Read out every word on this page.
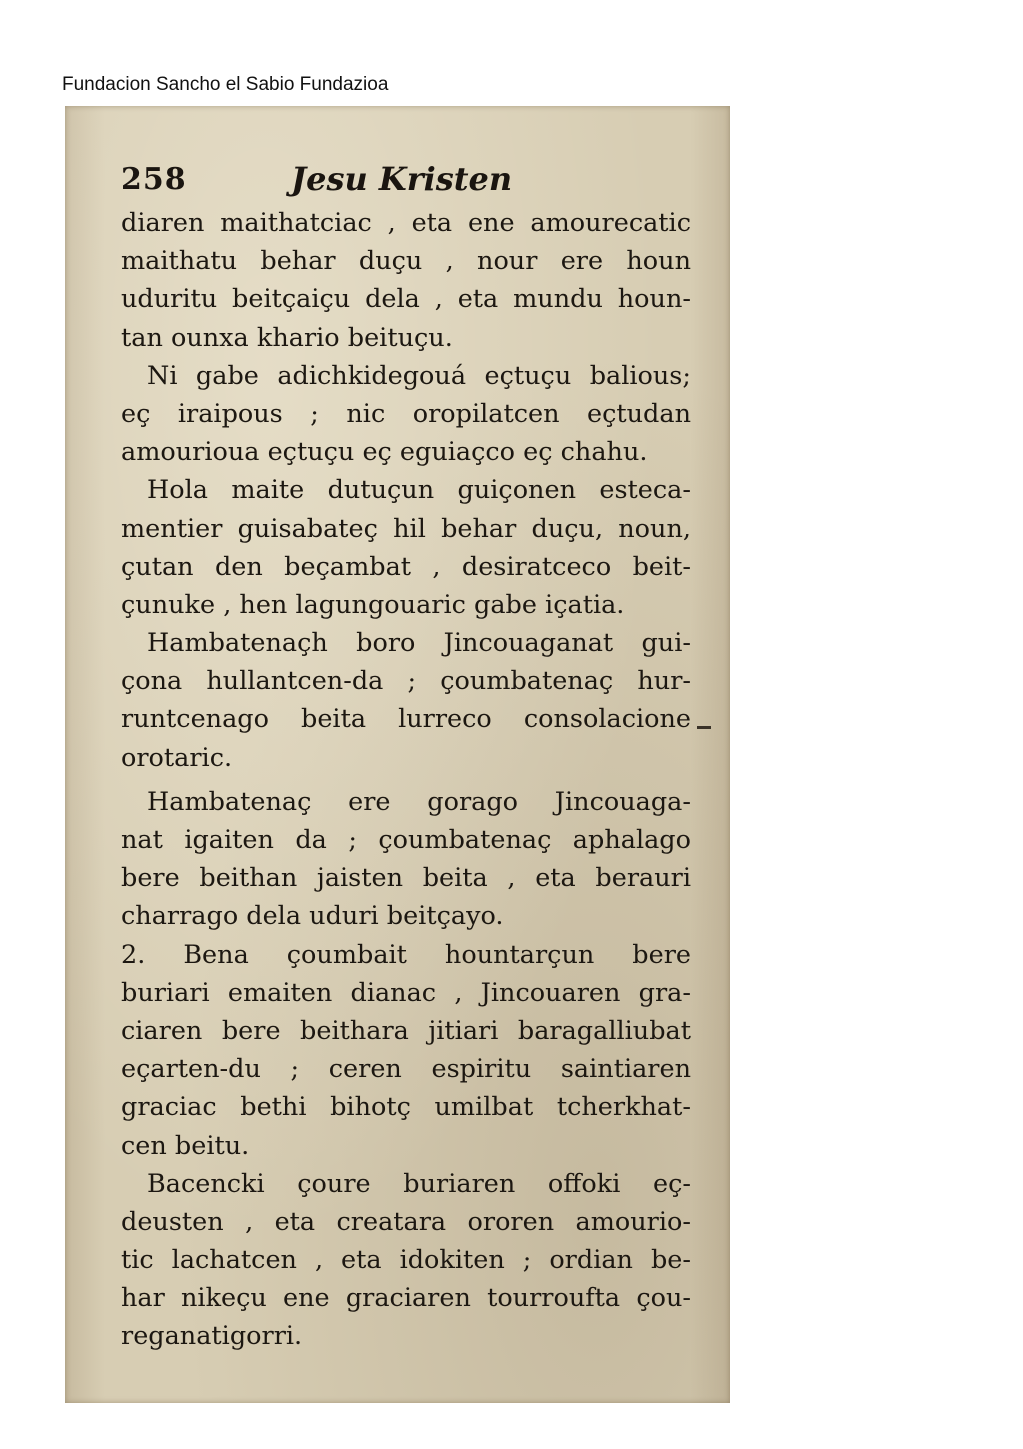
Fundacion Sancho el Sabio Fundazioa
258	Jesu Kristen
diaren maithatciac , eta ene amourecatic
maithatu behar duçu , nour ere houn
uduritu beitçaiçu dela , eta mundu houn-
tan ounxa khario beituçu.
Ni gabe adichkidegouá eçtuçu balious;
eç iraipous ; nic oropilatcen eçtudan
amourioua eçtuçu eç eguiaçco eç chahu.
Hola maite dutuçun guiçonen esteca-
mentier guisabateç hil behar duçu, noun,
çutan den beçambat , desiratceco beit-
çunuke , hen lagungouaric gabe içatia.
Hambatenaçh boro Jincouaganat gui-
çona hullantcen-da ; çoumbatenaç hur-
runtcenago beita lurreco consolacione
orotaric.
Hambatenaç ere gorago Jincouaga-
nat igaiten da ; çoumbatenaç aphalago
bere beithan jaisten beita , eta berauri
charrago dela uduri beitçayo.
2. Bena çoumbait hountarçun bere
buriari emaiten dianac , Jincouaren gra-
ciaren bere beithara jitiari baragalliubat
eçarten-du ; ceren espiritu saintiaren
graciac bethi bihotç umilbat tcherkhat-
cen beitu.
Bacencki çoure buriaren offoki eç-
deusten , eta creatara ororen amourio-
tic lachatcen , eta idokiten ; ordian be-
har nikeçu ene graciaren tourroufta çou-
reganatigorri.
